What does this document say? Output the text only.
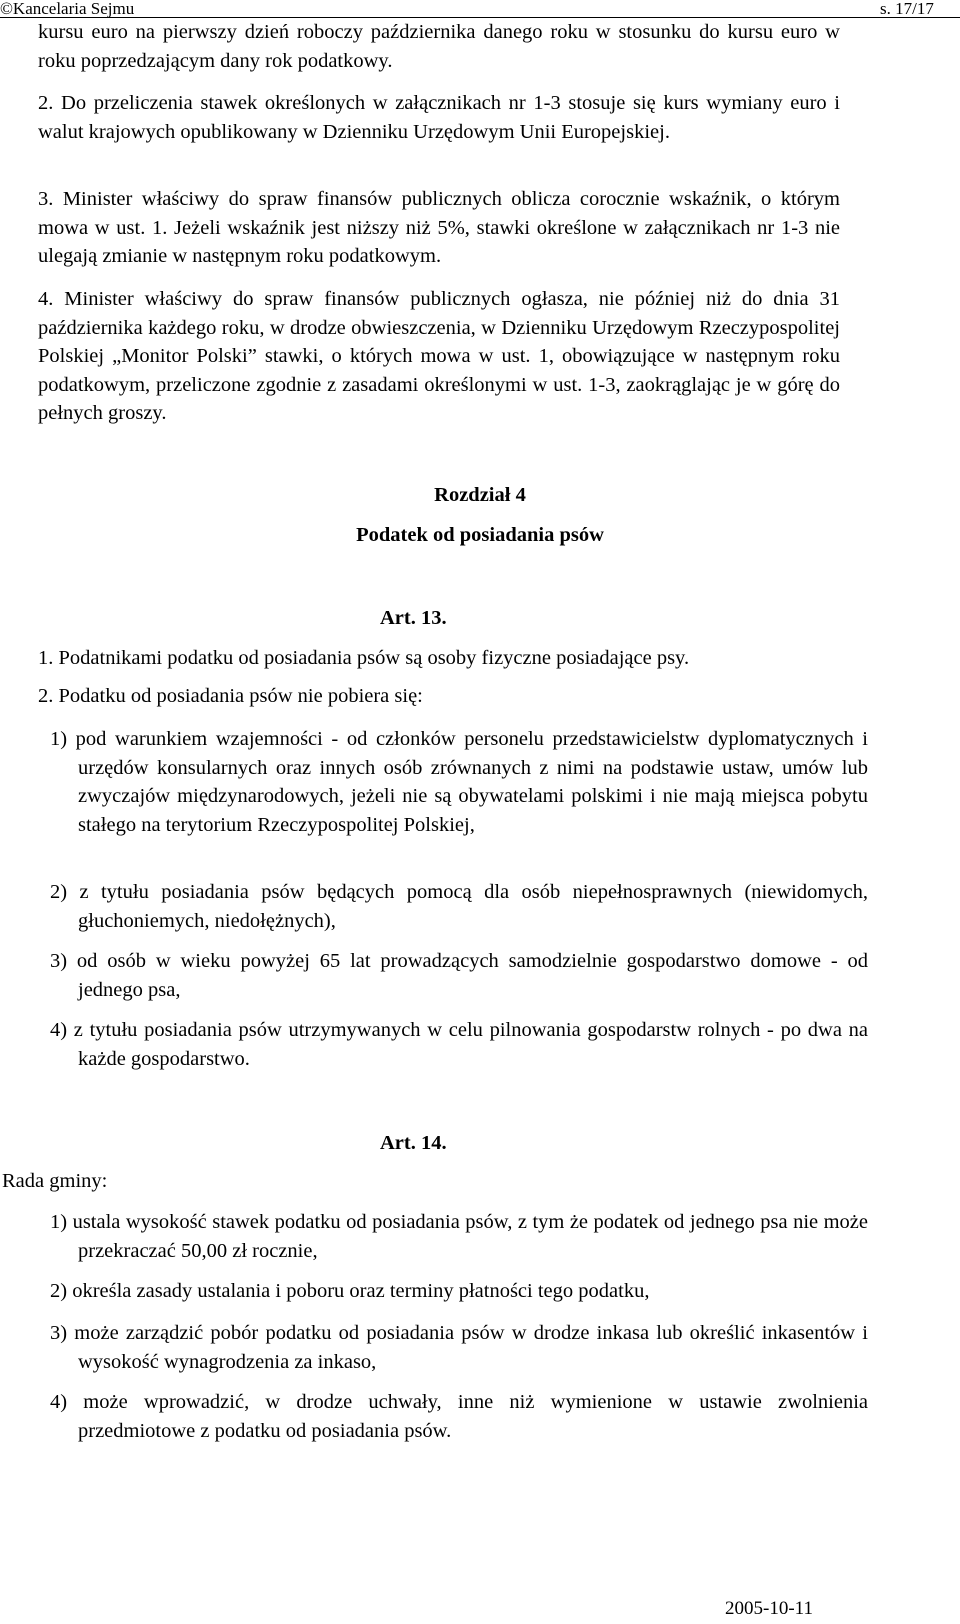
©Kancelaria Sejmu	s. 17/17
kursu euro na pierwszy dzień roboczy października danego roku w stosunku do kursu euro w roku poprzedzającym dany rok podatkowy.
2. Do przeliczenia stawek określonych w załącznikach nr 1-3 stosuje się kurs wymiany euro i walut krajowych opublikowany w Dzienniku Urzędowym Unii Europejskiej.
3. Minister właściwy do spraw finansów publicznych oblicza corocznie wskaźnik, o którym mowa w ust. 1. Jeżeli wskaźnik jest niższy niż 5%, stawki określone w załącznikach nr 1-3 nie ulegają zmianie w następnym roku podatkowym.
4. Minister właściwy do spraw finansów publicznych ogłasza, nie później niż do dnia 31 października każdego roku, w drodze obwieszczenia, w Dzienniku Urzędowym Rzeczypospolitej Polskiej „Monitor Polski” stawki, o których mowa w ust. 1, obowiązujące w następnym roku podatkowym, przeliczone zgodnie z zasadami określonymi w ust. 1-3, zaokrąglając je w górę do pełnych groszy.
Rozdział 4
Podatek od posiadania psów
Art. 13.
1. Podatnikami podatku od posiadania psów są osoby fizyczne posiadające psy.
2. Podatku od posiadania psów nie pobiera się:
1) pod warunkiem wzajemności - od członków personelu przedstawicielstw dyplomatycznych i urzędów konsularnych oraz innych osób zrównanych z nimi na podstawie ustaw, umów lub zwyczajów międzynarodowych, jeżeli nie są obywatelami polskimi i nie mają miejsca pobytu stałego na terytorium Rzeczypospolitej Polskiej,
2) z tytułu posiadania psów będących pomocą dla osób niepełnosprawnych (niewidomych, głuchoniemych, niedołężnych),
3) od osób w wieku powyżej 65 lat prowadzących samodzielnie gospodarstwo domowe - od jednego psa,
4) z tytułu posiadania psów utrzymywanych w celu pilnowania gospodarstw rolnych - po dwa na każde gospodarstwo.
Art. 14.
Rada gminy:
1) ustala wysokość stawek podatku od posiadania psów, z tym że podatek od jednego psa nie może przekraczać 50,00 zł rocznie,
2) określa zasady ustalania i poboru oraz terminy płatności tego podatku,
3) może zarządzić pobór podatku od posiadania psów w drodze inkasa lub określić inkasentów i wysokość wynagrodzenia za inkaso,
4) może wprowadzić, w drodze uchwały, inne niż wymienione w ustawie zwolnienia przedmiotowe z podatku od posiadania psów.
2005-10-11
